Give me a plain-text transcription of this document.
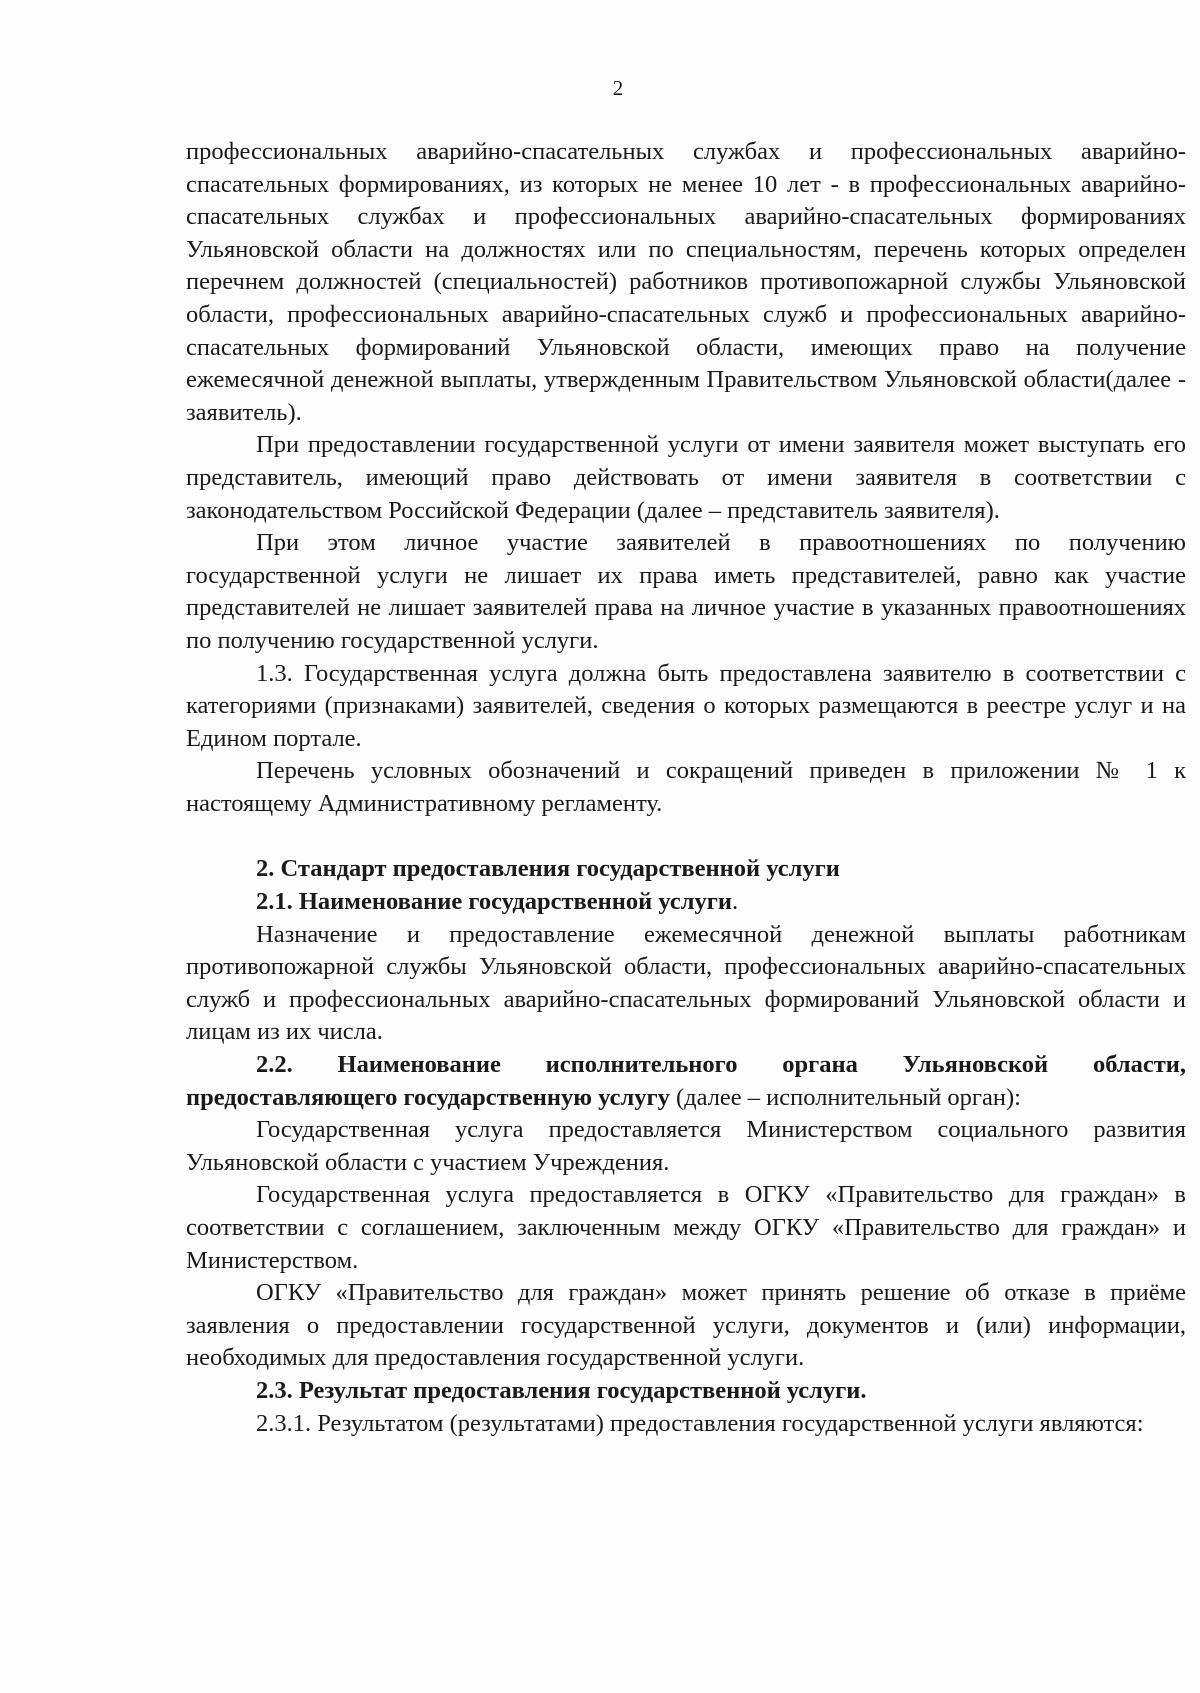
2

профессиональных аварийно-спасательных службах и профессиональных аварийно-спасательных формированиях, из которых не менее 10 лет - в профессиональных аварийно-спасательных службах и профессиональных аварийно-спасательных формированиях Ульяновской области на должностях или по специальностям, перечень которых определен перечнем должностей (специальностей) работников противопожарной службы Ульяновской области, профессиональных аварийно-спасательных служб и профессиональных аварийно-спасательных формирований Ульяновской области, имеющих право на получение ежемесячной денежной выплаты, утвержденным Правительством Ульяновской области(далее - заявитель).

При предоставлении государственной услуги от имени заявителя может выступать его представитель, имеющий право действовать от имени заявителя в соответствии с законодательством Российской Федерации (далее – представитель заявителя).

При этом личное участие заявителей в правоотношениях по получению государственной услуги не лишает их права иметь представителей, равно как участие представителей не лишает заявителей права на личное участие в указанных правоотношениях по получению государственной услуги.

1.3. Государственная услуга должна быть предоставлена заявителю в соответствии с категориями (признаками) заявителей, сведения о которых размещаются в реестре услуг и на Едином портале.

Перечень условных обозначений и сокращений приведен в приложении № 1 к настоящему Административному регламенту.

2. Стандарт предоставления государственной услуги

2.1. Наименование государственной услуги.

Назначение и предоставление ежемесячной денежной выплаты работникам противопожарной службы Ульяновской области, профессиональных аварийно-спасательных служб и профессиональных аварийно-спасательных формирований Ульяновской области и лицам из их числа.

2.2. Наименование исполнительного органа Ульяновской области, предоставляющего государственную услугу (далее – исполнительный орган):

Государственная услуга предоставляется Министерством социального развития Ульяновской области с участием Учреждения.

Государственная услуга предоставляется в ОГКУ «Правительство для граждан» в соответствии с соглашением, заключенным между ОГКУ «Правительство для граждан» и Министерством.

ОГКУ «Правительство для граждан» может принять решение об отказе в приёме заявления о предоставлении государственной услуги, документов и (или) информации, необходимых для предоставления государственной услуги.

2.3. Результат предоставления государственной услуги.

2.3.1. Результатом (результатами) предоставления государственной услуги являются:
